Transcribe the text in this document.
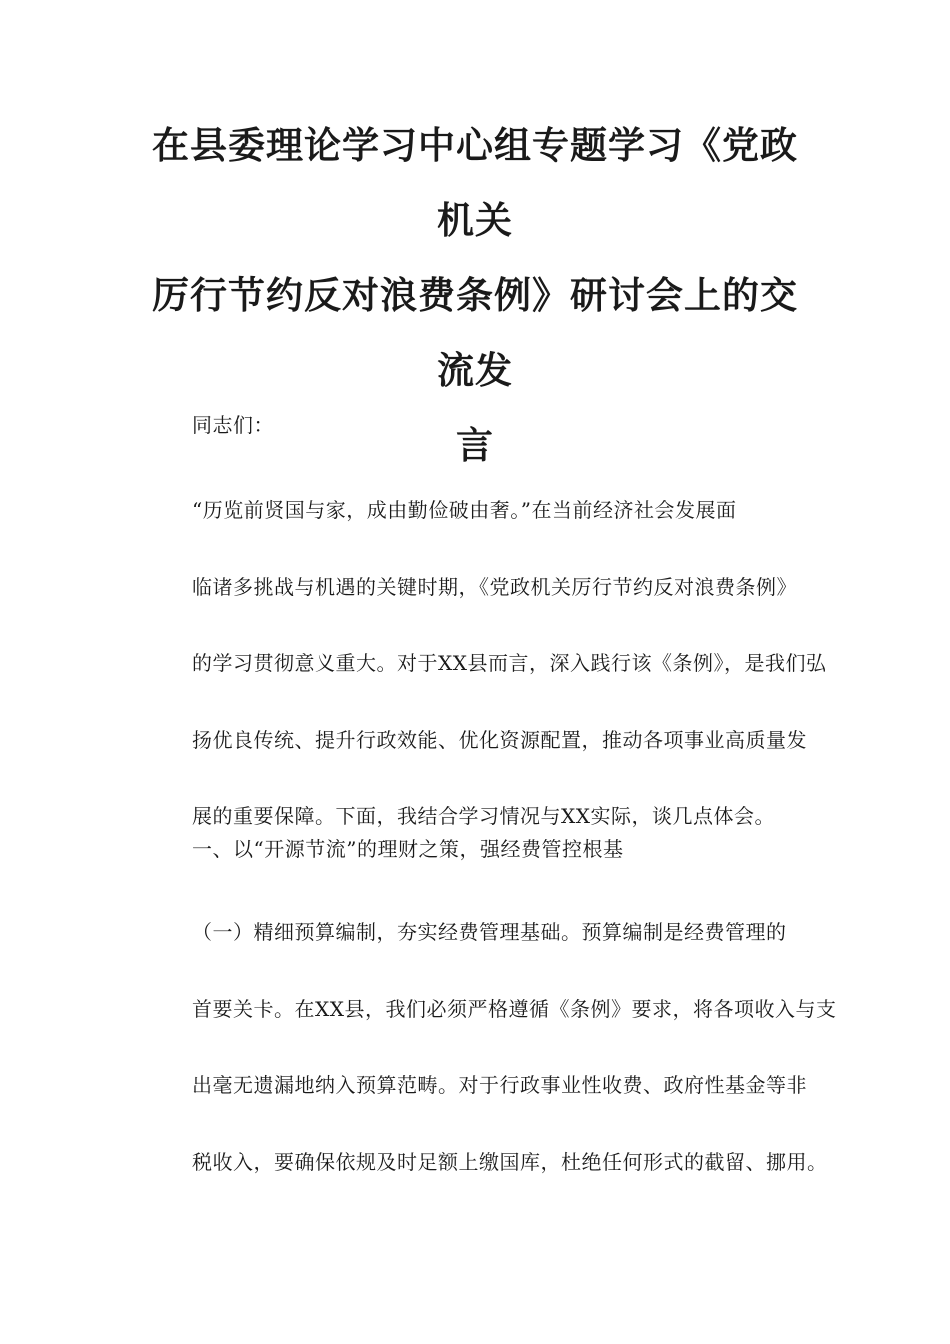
在县委理论学习中心组专题学习《党政机关
厉行节约反对浪费条例》研讨会上的交流发
言

同志们：

“历览前贤国与家，成由勤俭破由奢。”在当前经济社会发展面
临诸多挑战与机遇的关键时期，《党政机关厉行节约反对浪费条例》
的学习贯彻意义重大。对于XX县而言，深入践行该《条例》，是我们弘
扬优良传统、提升行政效能、优化资源配置，推动各项事业高质量发
展的重要保障。下面，我结合学习情况与XX实际，谈几点体会。

一、以“开源节流”的理财之策，强经费管控根基

（一）精细预算编制，夯实经费管理基础。预算编制是经费管理的
首要关卡。在XX县，我们必须严格遵循《条例》要求，将各项收入与支
出毫无遗漏地纳入预算范畴。对于行政事业性收费、政府性基金等非
税收入，要确保依规及时足额上缴国库，杜绝任何形式的截留、挪用。
